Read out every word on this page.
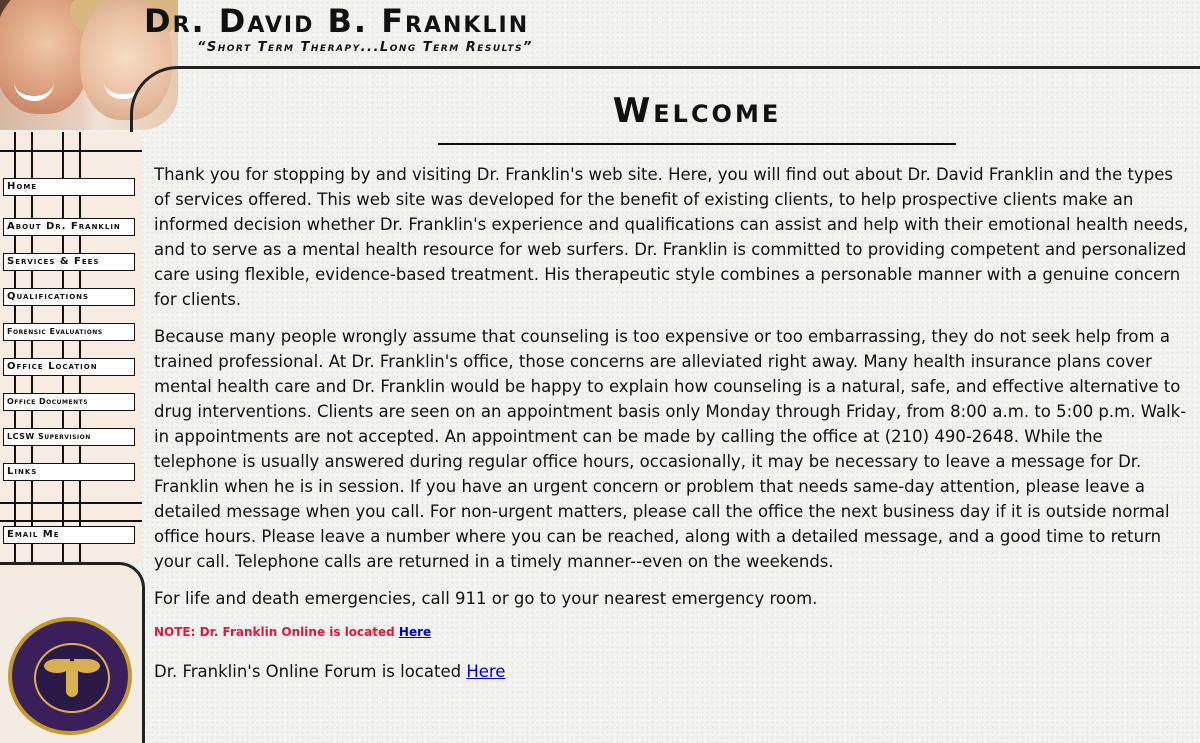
Dr. David B. Franklin

“Short Term Therapy...Long Term Results”

Welcome
Home
About Dr. Franklin
Services & Fees
Qualifications
Forensic Evaluations
Office Location
Office Documents
LCSW Supervision
Links
Email Me

Thank you for stopping by and visiting Dr. Franklin's web site. Here, you will find out about Dr. David Franklin and the types of services offered. This web site was developed for the benefit of existing clients, to help prospective clients make an informed decision whether Dr. Franklin's experience and qualifications can assist and help with their emotional health needs, and to serve as a mental health resource for web surfers. Dr. Franklin is committed to providing competent and personalized care using flexible, evidence-based treatment. His therapeutic style combines a personable manner with a genuine concern for clients.

Because many people wrongly assume that counseling is too expensive or too embarrassing, they do not seek help from a trained professional. At Dr. Franklin's office, those concerns are alleviated right away. Many health insurance plans cover mental health care and Dr. Franklin would be happy to explain how counseling is a natural, safe, and effective alternative to drug interventions. Clients are seen on an appointment basis only Monday through Friday, from 8:00 a.m. to 5:00 p.m. Walk-in appointments are not accepted. An appointment can be made by calling the office at (210) 490-2648. While the telephone is usually answered during regular office hours, occasionally, it may be necessary to leave a message for Dr. Franklin when he is in session. If you have an urgent concern or problem that needs same-day attention, please leave a detailed message when you call. For non-urgent matters, please call the office the next business day if it is outside normal office hours. Please leave a number where you can be reached, along with a detailed message, and a good time to return your call. Telephone calls are returned in a timely manner--even on the weekends.

For life and death emergencies, call 911 or go to your nearest emergency room.

NOTE: Dr. Franklin Online is located Here

Dr. Franklin's Online Forum is located Here
